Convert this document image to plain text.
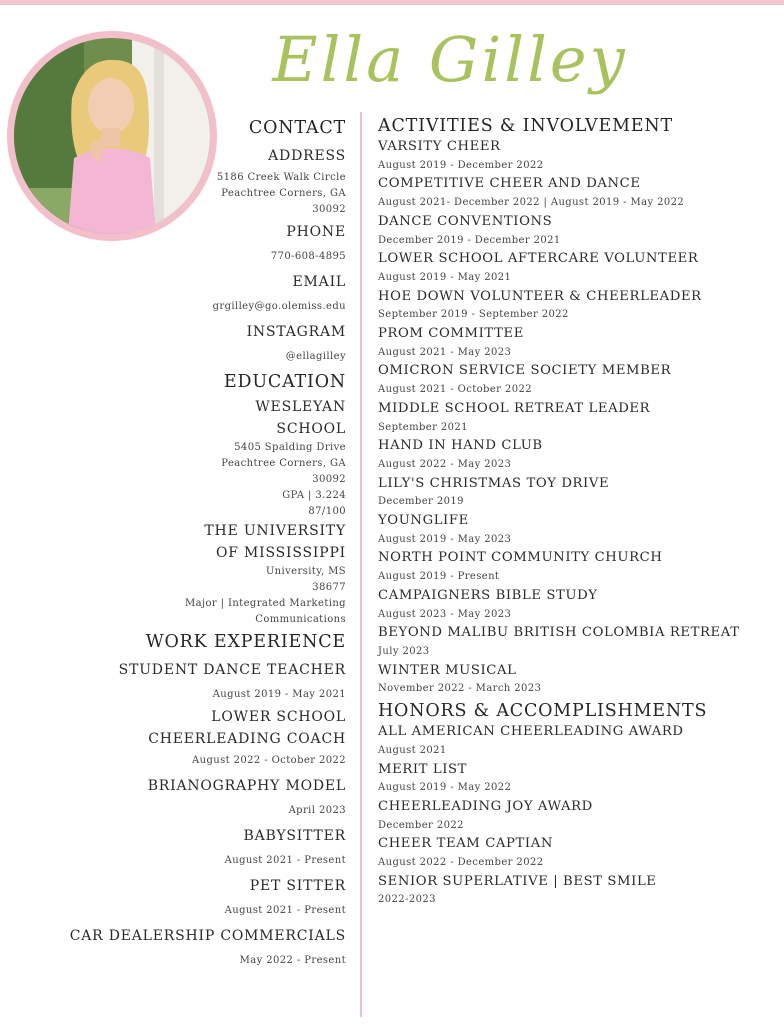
Ella Gilley
CONTACT
ADDRESS
5186 Creek Walk Circle
Peachtree Corners, GA
30092
PHONE
770-608-4895
EMAIL
grgilley@go.olemiss.edu
INSTAGRAM
@ellagilley
EDUCATION
WESLEYAN
SCHOOL
5405 Spalding Drive
Peachtree Corners, GA
30092
GPA | 3.224
87/100
THE UNIVERSITY
OF MISSISSIPPI
University, MS
38677
Major | Integrated Marketing
Communications
WORK EXPERIENCE
STUDENT DANCE TEACHER
August 2019 - May 2021
LOWER SCHOOL
CHEERLEADING COACH
August 2022 - October 2022
BRIANOGRAPHY MODEL
April 2023
BABYSITTER
August 2021 - Present
PET SITTER
August 2021 - Present
CAR DEALERSHIP COMMERCIALS
May 2022 - Present
ACTIVITIES & INVOLVEMENT
VARSITY CHEER
August 2019 - December 2022
COMPETITIVE CHEER AND DANCE
August 2021- December 2022 | August 2019 - May 2022
DANCE CONVENTIONS
December 2019 - December 2021
LOWER SCHOOL AFTERCARE VOLUNTEER
August 2019 - May 2021
HOE DOWN VOLUNTEER & CHEERLEADER
September 2019 - September 2022
PROM COMMITTEE
August 2021 - May 2023
OMICRON SERVICE SOCIETY MEMBER
August 2021 - October 2022
MIDDLE SCHOOL RETREAT LEADER
September 2021
HAND IN HAND CLUB
August 2022 - May 2023
LILY'S CHRISTMAS TOY DRIVE
December 2019
YOUNGLIFE
August 2019 - May 2023
NORTH POINT COMMUNITY CHURCH
August 2019 - Present
CAMPAIGNERS BIBLE STUDY
August 2023 - May 2023
BEYOND MALIBU BRITISH COLOMBIA RETREAT
July 2023
WINTER MUSICAL
November 2022 - March 2023
HONORS & ACCOMPLISHMENTS
ALL AMERICAN CHEERLEADING AWARD
August 2021
MERIT LIST
August 2019 - May 2022
CHEERLEADING JOY AWARD
December 2022
CHEER TEAM CAPTIAN
August 2022 - December 2022
SENIOR SUPERLATIVE | BEST SMILE
2022-2023
